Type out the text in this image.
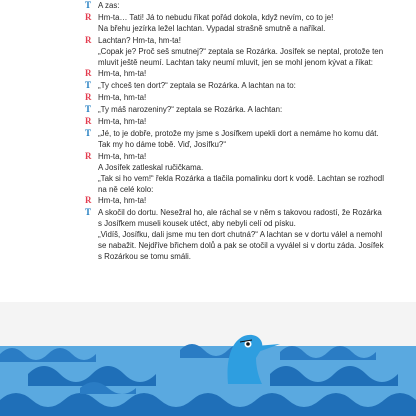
T A zas:
R Hm-ta… Tati! Já to nebudu říkat pořád dokola, když nevím, co to je!
Na břehu jezírka ležel lachtan. Vypadal strašně smutně a naříkal.
R Lachtan? Hm-ta, hm-ta!
„Copak je? Proč seš smutnej?“ zeptala se Rozárka. Josífek se neptal, protože ten mluvit ještě neumí. Lachtan taky neumí mluvit, jen se mohl jenom kývat a říkat:
R Hm-ta, hm-ta!
T „Ty chceš ten dort?“ zeptala se Rozárka. A lachtan na to:
R Hm-ta, hm-ta!
T „Ty máš narozeniny?“ zeptala se Rozárka. A lachtan:
R Hm-ta, hm-ta!
T „Jé, to je dobře, protože my jsme s Josífkem upekli dort a nemáme ho komu dát. Tak my ho dáme tobě. Viď, Josífku?“
R Hm-ta, hm-ta!
A Josífek zatleskal ručičkama.
„Tak si ho vem!“ řekla Rozárka a tlačila pomalinku dort k vodě. Lachtan se rozhodl na ně celé kolo:
R Hm-ta, hm-ta!
T A skočil do dortu. Nesežral ho, ale ráchal se v něm s takovou radostí, že Rozárka s Josífkem museli kousek utéct, aby nebyli celí od písku.
„Vidíš, Josífku, dali jsme mu ten dort chutná?“ A lachtan se v dortu válel a nemohl se nabažit. Nejdříve břichem dolů a pak se otočil a vyválel si v dortu záda. Josífek s Rozárkou se tomu smáli.
